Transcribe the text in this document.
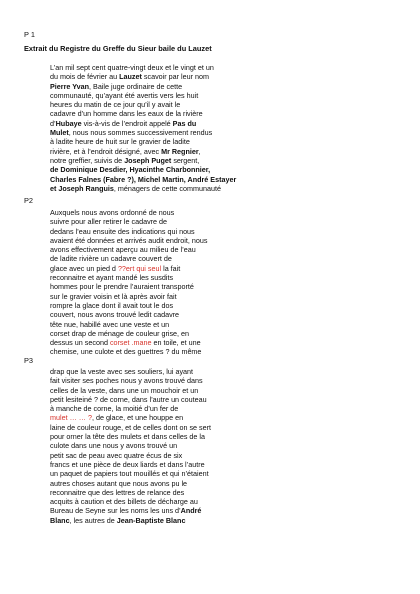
P 1
Extrait du Registre du Greffe du Sieur baile du Lauzet
L’an mil sept cent quatre-vingt deux et le vingt et un
du mois de février au Lauzet scavoir par leur nom
Pierre Yvan, Baile juge ordinaire de cette
communauté, qu’ayant été avertis vers les huit
heures du matin de ce jour qu’il y avait le
cadavre d’un homme dans les eaux de la rivière
d’Hubaye vis-à-vis de l’endroit appelé Pas du
Mulet, nous nous sommes successivement rendus
à ladite heure de huit sur le gravier de ladite
rivière, et à l’endroit désigné, avec Mr Regnier,
notre greffier, suivis de Joseph Puget sergent,
de Dominique Desdier, Hyacinthe Charbonnier,
Charles Falnes (Fabre ?), Michel Martin, André Estayer
et Joseph Ranguis, ménagers de cette communauté
P2
Auxquels nous avons ordonné de nous
suivre pour aller retirer le cadavre de
dedans l’eau ensuite des indications qui nous
avaient été données et arrivés audit endroit, nous
avons effectivement aperçu au milieu de l’eau
de ladite rivière un cadavre couvert de
glace avec un pied d ??ert qui seul la fait
reconnaitre et ayant mandé les susdits
hommes pour le prendre l’auraient transporté
sur le gravier voisin et là après avoir fait
rompre la glace dont il avait tout le dos
couvert, nous avons trouvé ledit cadavre
tête nue, habillé avec une veste et un
corset drap de ménage de couleur grise, en
dessus un second corset .mane en toile, et une
chemise, une culote et des guettres ? du même
P3
drap que la veste avec ses souliers, lui ayant
fait visiter ses poches nous y avons trouvé dans
celles de la veste, dans une un mouchoir et un
petit lesiteiné ? de corne, dans l’autre un couteau
à manche de corne, la moitié d’un fer de
mulet … … ?, de glace, et une houppe en
laine de couleur rouge, et de celles dont on se sert
pour orner la tête des mulets et dans celles de la
culote dans une nous y avons trouvé un
petit sac de peau avec quatre écus de six
francs et une pièce de deux liards et dans l’autre
un paquet de papiers tout mouillés et qui n’étaient
autres choses autant que nous avons pu le
reconnaitre que des lettres de relance des
acquits à caution et des billets de décharge au
Bureau de Seyne sur les noms les uns d’André
Blanc, les autres de Jean-Baptiste Blanc
